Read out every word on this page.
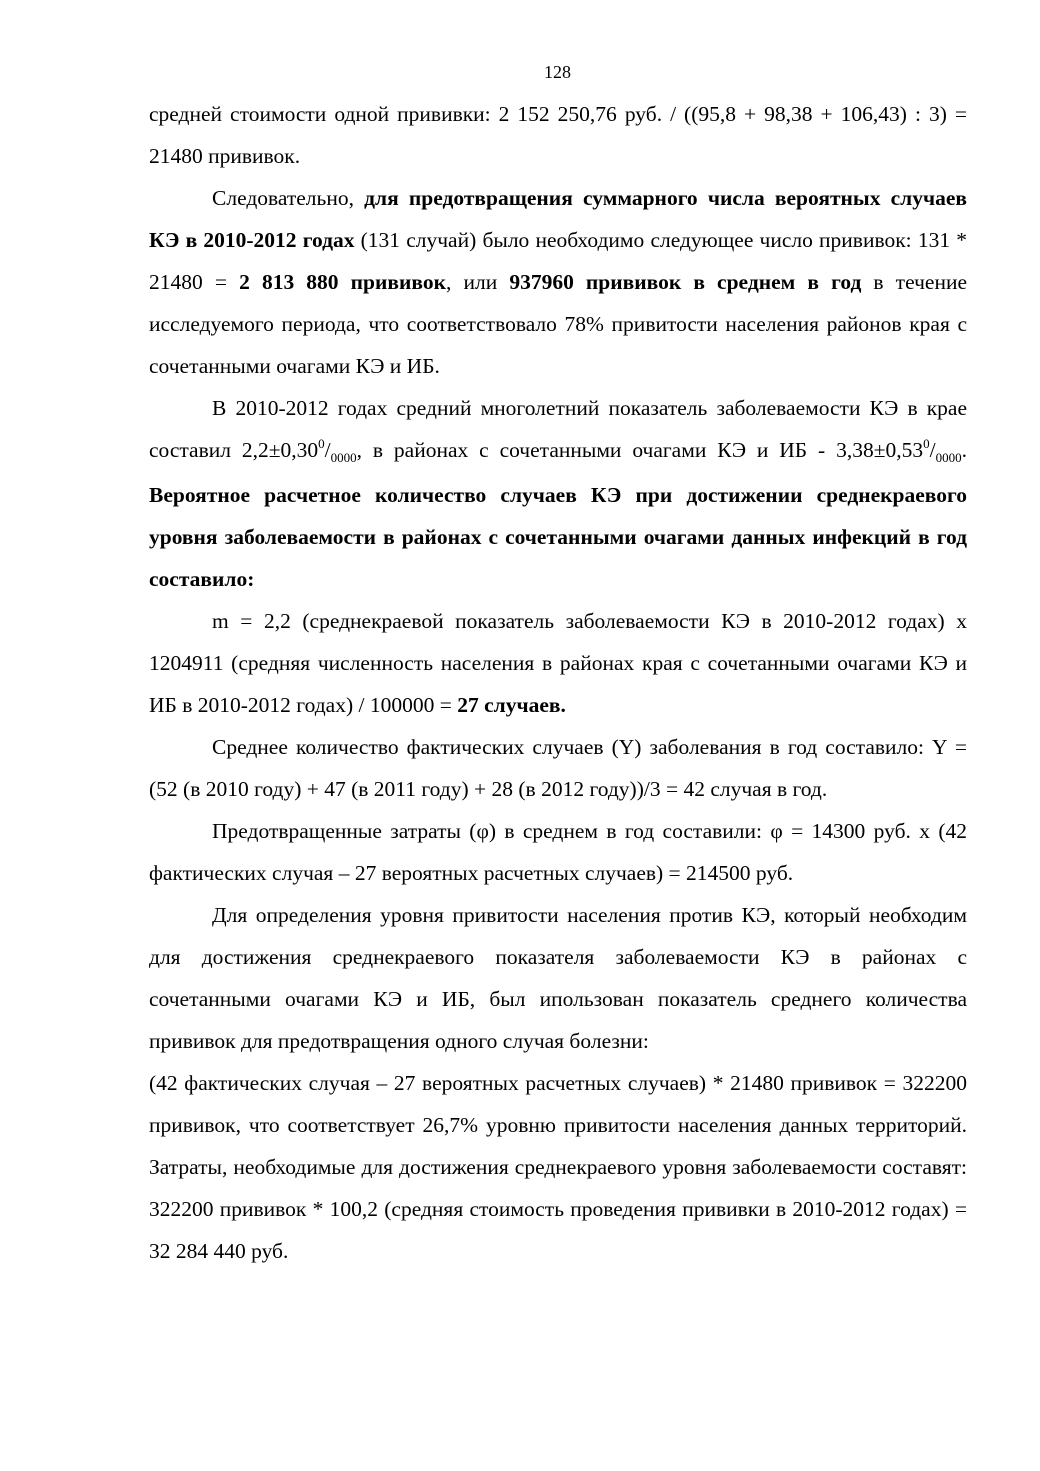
128

средней стоимости одной прививки: 2 152 250,76 руб. / ((95,8 + 98,38 + 106,43) : 3) = 21480 прививок.

Следовательно, для предотвращения суммарного числа вероятных случаев КЭ в 2010-2012 годах (131 случай) было необходимо следующее число прививок: 131 * 21480 = 2 813 880 прививок, или 937960 прививок в среднем в год в течение исследуемого периода, что соответствовало 78% привитости населения районов края с сочетанными очагами КЭ и ИБ.

В 2010-2012 годах средний многолетний показатель заболеваемости КЭ в крае составил $2,2\pm 0,30^0/_{0000}$, в районах с сочетанными очагами КЭ и ИБ - $3,38\pm 0,53^0/_{0000}$. Вероятное расчетное количество случаев КЭ при достижении среднекраевого уровня заболеваемости в районах с сочетанными очагами данных инфекций в год составило:

m = 2,2 (среднекраевой показатель заболеваемости КЭ в 2010-2012 годах) х 1204911 (средняя численность населения в районах края с сочетанными очагами КЭ и ИБ в 2010-2012 годах) / 100000 = 27 случаев.

Среднее количество фактических случаев (Y) заболевания в год составило: Y = (52 (в 2010 году) + 47 (в 2011 году) + 28 (в 2012 году))/3 = 42 случая в год.

Предотвращенные затраты (φ) в среднем в год составили: φ = 14300 руб. х (42 фактических случая – 27 вероятных расчетных случаев) = 214500 руб.

Для определения уровня привитости населения против КЭ, который необходим для достижения среднекраевого показателя заболеваемости КЭ в районах с сочетанными очагами КЭ и ИБ, был ипользован показатель среднего количества прививок для предотвращения одного случая болезни:

(42 фактических случая – 27 вероятных расчетных случаев) * 21480 прививок = 322200 прививок, что соответствует 26,7% уровню привитости населения данных территорий. Затраты, необходимые для достижения среднекраевого уровня заболеваемости составят: 322200 прививок * 100,2 (средняя стоимость проведения прививки в 2010-2012 годах) = 32 284 440 руб.
